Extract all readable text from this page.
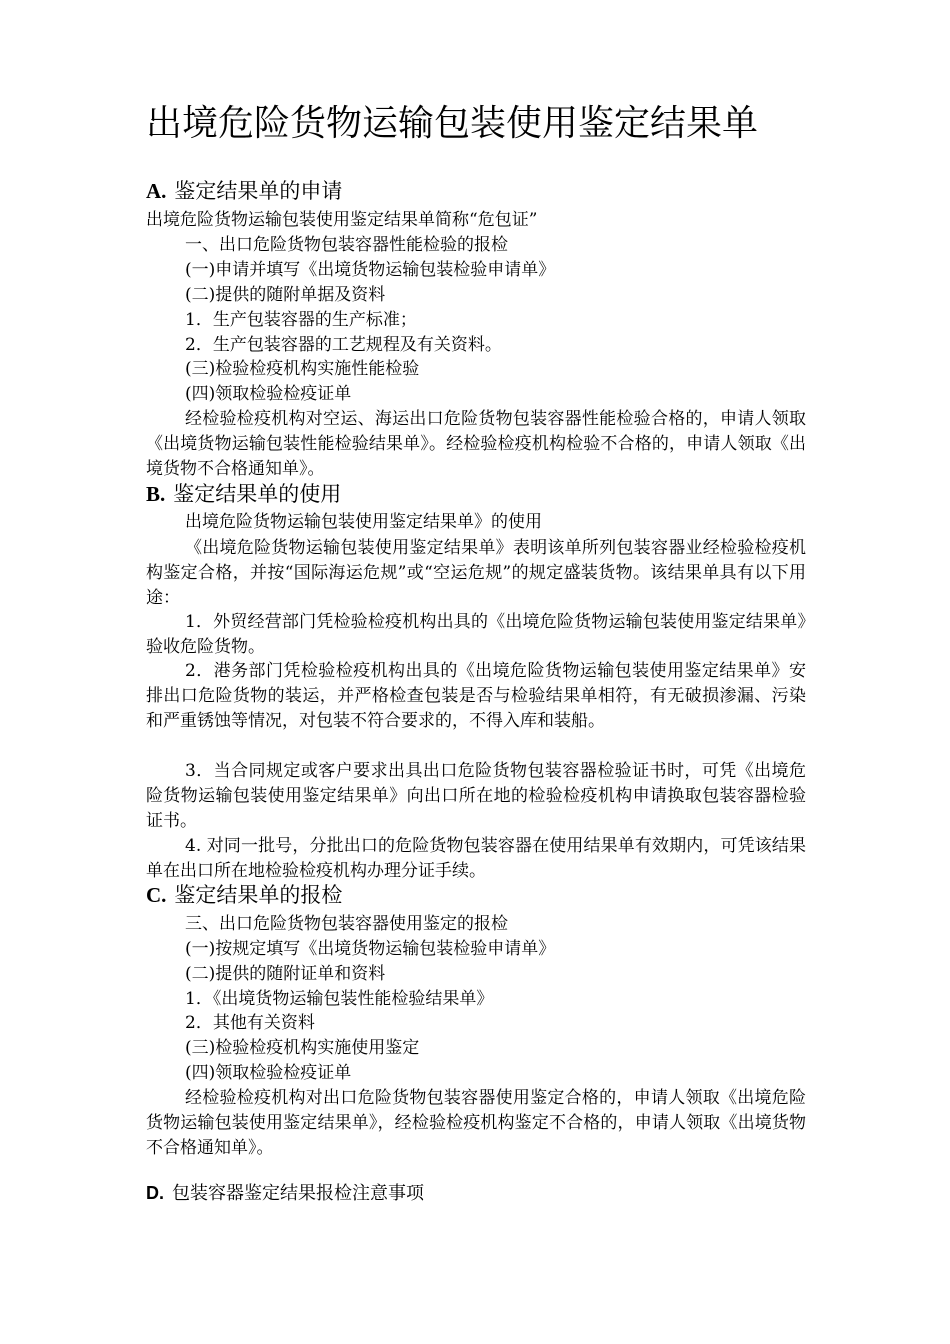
出境危险货物运输包装使用鉴定结果单
A. 鉴定结果单的申请
出境危险货物运输包装使用鉴定结果单简称“危包证”
一、出口危险货物包装容器性能检验的报检
(一)申请并填写《出境货物运输包装检验申请单》
(二)提供的随附单据及资料
1．生产包装容器的生产标准；
2．生产包装容器的工艺规程及有关资料。
(三)检验检疫机构实施性能检验
(四)领取检验检疫证单
经检验检疫机构对空运、海运出口危险货物包装容器性能检验合格的，申请人领取《出境货物运输包装性能检验结果单》。经检验检疫机构检验不合格的，申请人领取《出境货物不合格通知单》。
B. 鉴定结果单的使用
出境危险货物运输包装使用鉴定结果单》的使用
《出境危险货物运输包装使用鉴定结果单》表明该单所列包装容器业经检验检疫机构鉴定合格，并按“国际海运危规”或“空运危规”的规定盛装货物。该结果单具有以下用途：
1．外贸经营部门凭检验检疫机构出具的《出境危险货物运输包装使用鉴定结果单》验收危险货物。
2．港务部门凭检验检疫机构出具的《出境危险货物运输包装使用鉴定结果单》安排出口危险货物的装运，并严格检查包装是否与检验结果单相符，有无破损渗漏、污染和严重锈蚀等情况，对包装不符合要求的，不得入库和装船。
3．当合同规定或客户要求出具出口危险货物包装容器检验证书时，可凭《出境危险货物运输包装使用鉴定结果单》向出口所在地的检验检疫机构申请换取包装容器检验证书。
4. 对同一批号，分批出口的危险货物包装容器在使用结果单有效期内，可凭该结果单在出口所在地检验检疫机构办理分证手续。
C. 鉴定结果单的报检
三、出口危险货物包装容器使用鉴定的报检
(一)按规定填写《出境货物运输包装检验申请单》
(二)提供的随附证单和资料
1．《出境货物运输包装性能检验结果单》
2．其他有关资料
(三)检验检疫机构实施使用鉴定
(四)领取检验检疫证单
经检验检疫机构对出口危险货物包装容器使用鉴定合格的，申请人领取《出境危险货物运输包装使用鉴定结果单》，经检验检疫机构鉴定不合格的，申请人领取《出境货物不合格通知单》。
D. 包装容器鉴定结果报检注意事项
